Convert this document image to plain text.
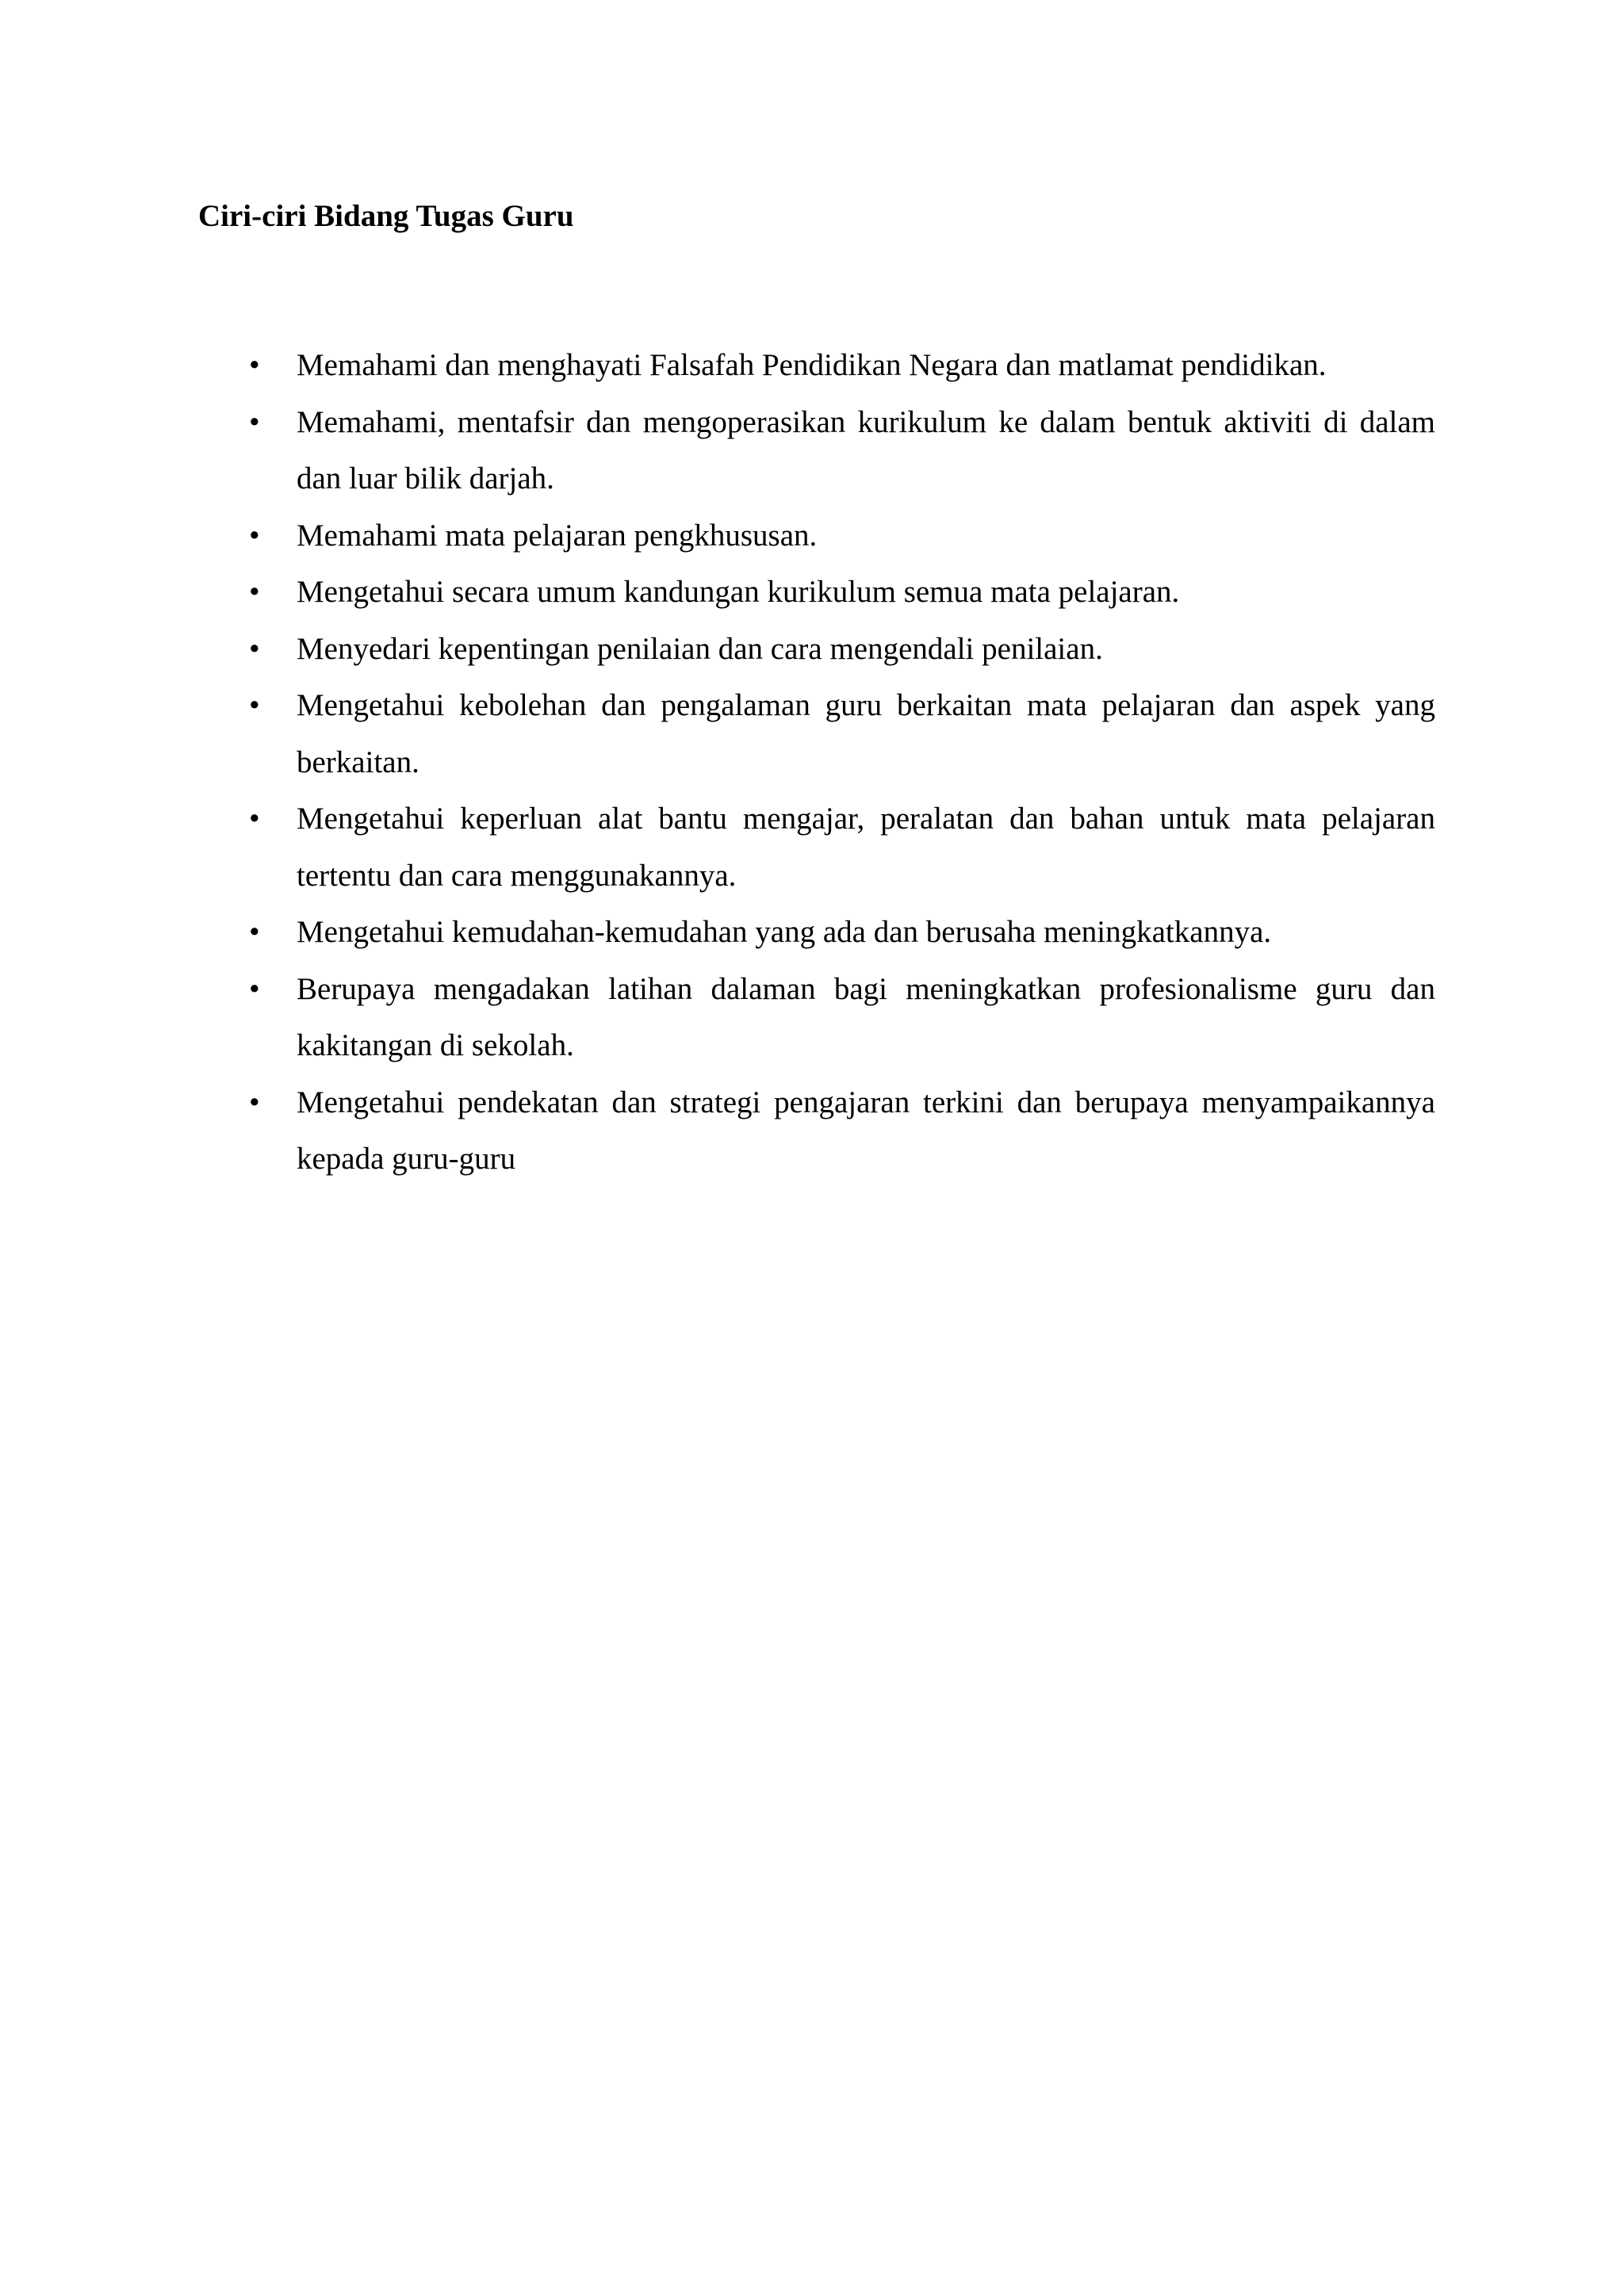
Ciri-ciri Bidang Tugas Guru
• Memahami dan menghayati Falsafah Pendidikan Negara dan matlamat pendidikan.
• Memahami, mentafsir dan mengoperasikan kurikulum ke dalam bentuk aktiviti di dalam dan luar bilik darjah.
• Memahami mata pelajaran pengkhususan.
• Mengetahui secara umum kandungan kurikulum semua mata pelajaran.
• Menyedari kepentingan penilaian dan cara mengendali penilaian.
• Mengetahui kebolehan dan pengalaman guru berkaitan mata pelajaran dan aspek yang berkaitan.
• Mengetahui keperluan alat bantu mengajar, peralatan dan bahan untuk mata pelajaran tertentu dan cara menggunakannya.
• Mengetahui kemudahan-kemudahan yang ada dan berusaha meningkatkannya.
• Berupaya mengadakan latihan dalaman bagi meningkatkan profesionalisme guru dan kakitangan di sekolah.
• Mengetahui pendekatan dan strategi pengajaran terkini dan berupaya menyampaikannya kepada guru-guru
